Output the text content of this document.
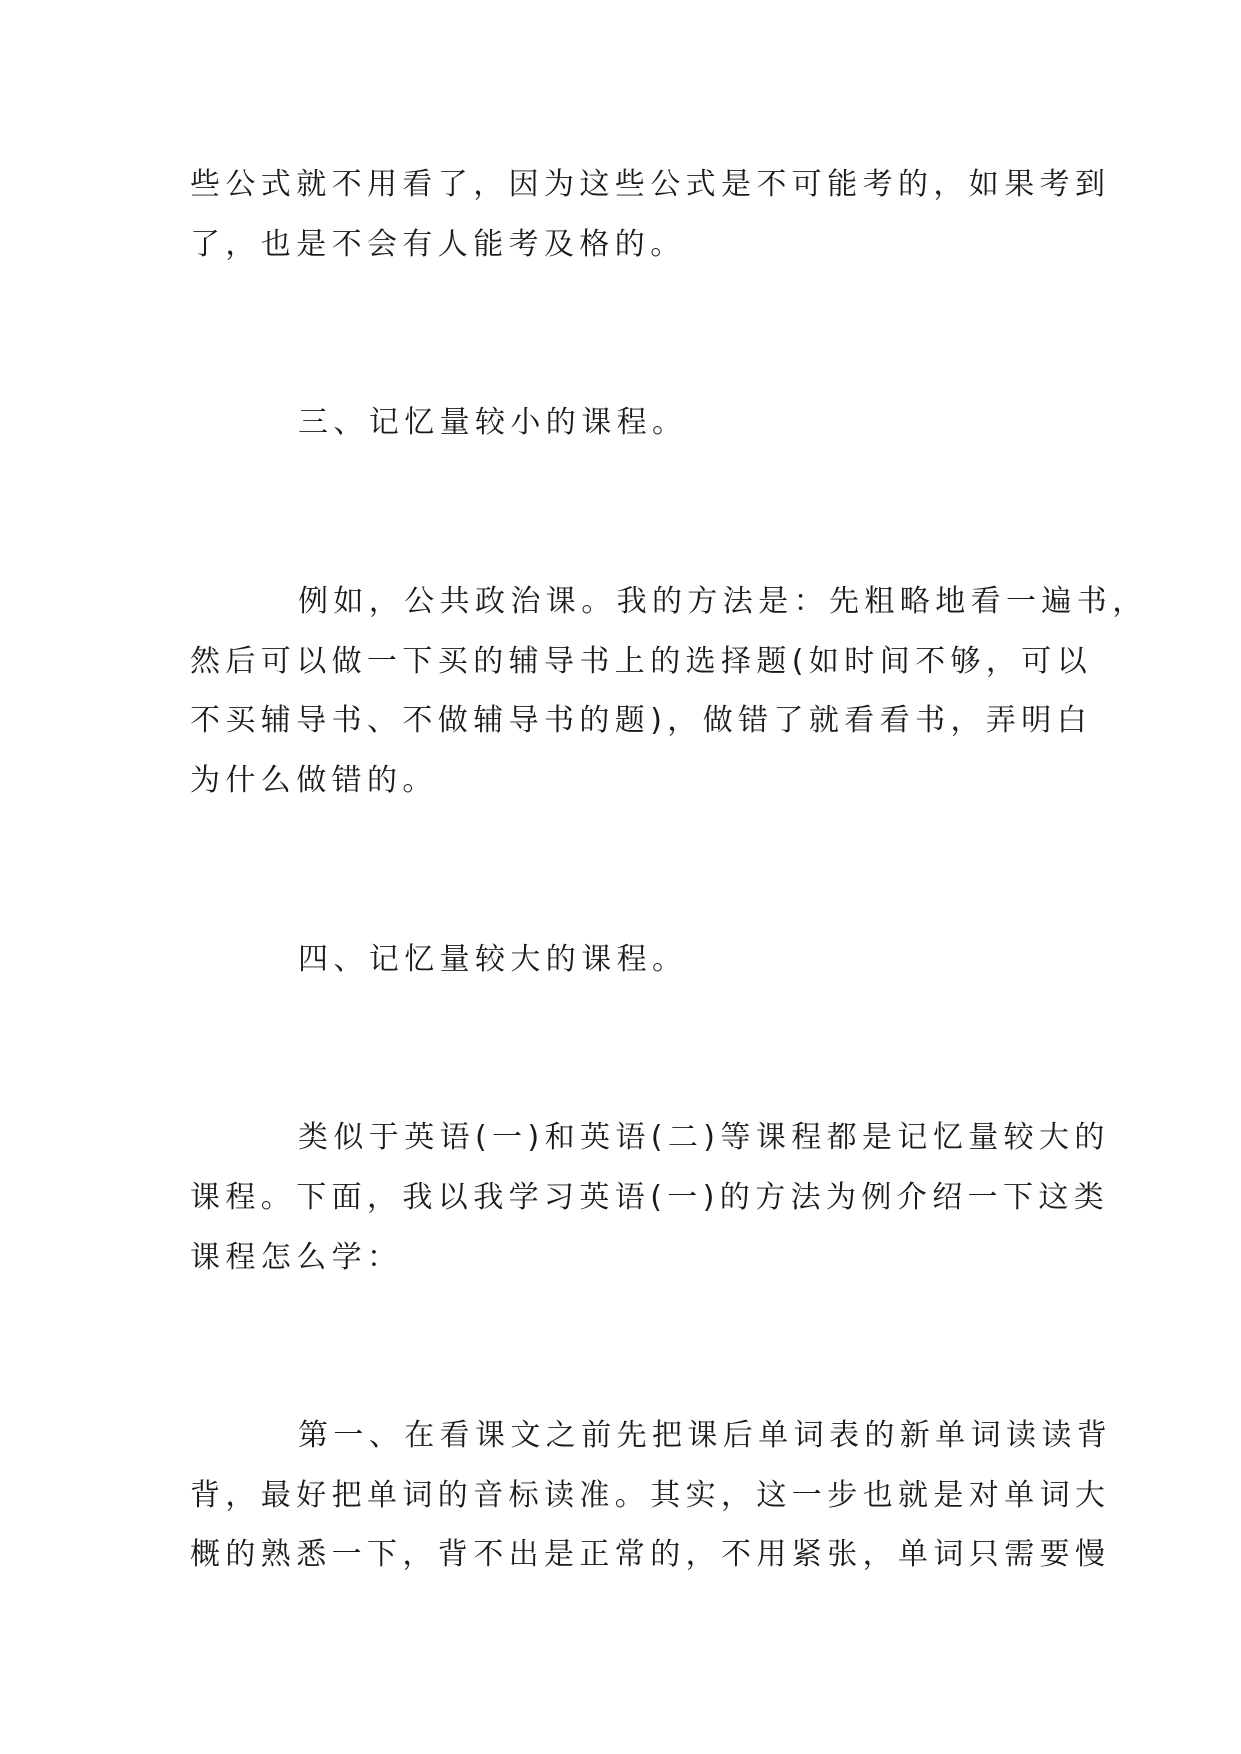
些公式就不用看了，因为这些公式是不可能考的，如果考到
了，也是不会有人能考及格的。
三、记忆量较小的课程。
例如，公共政治课。我的方法是：先粗略地看一遍书，
然后可以做一下买的辅导书上的选择题(如时间不够，可以
不买辅导书、不做辅导书的题)，做错了就看看书，弄明白
为什么做错的。
四、记忆量较大的课程。
类似于英语(一)和英语(二)等课程都是记忆量较大的
课程。下面，我以我学习英语(一)的方法为例介绍一下这类
课程怎么学：
第一、在看课文之前先把课后单词表的新单词读读背
背，最好把单词的音标读准。其实，这一步也就是对单词大
概的熟悉一下，背不出是正常的，不用紧张，单词只需要慢
